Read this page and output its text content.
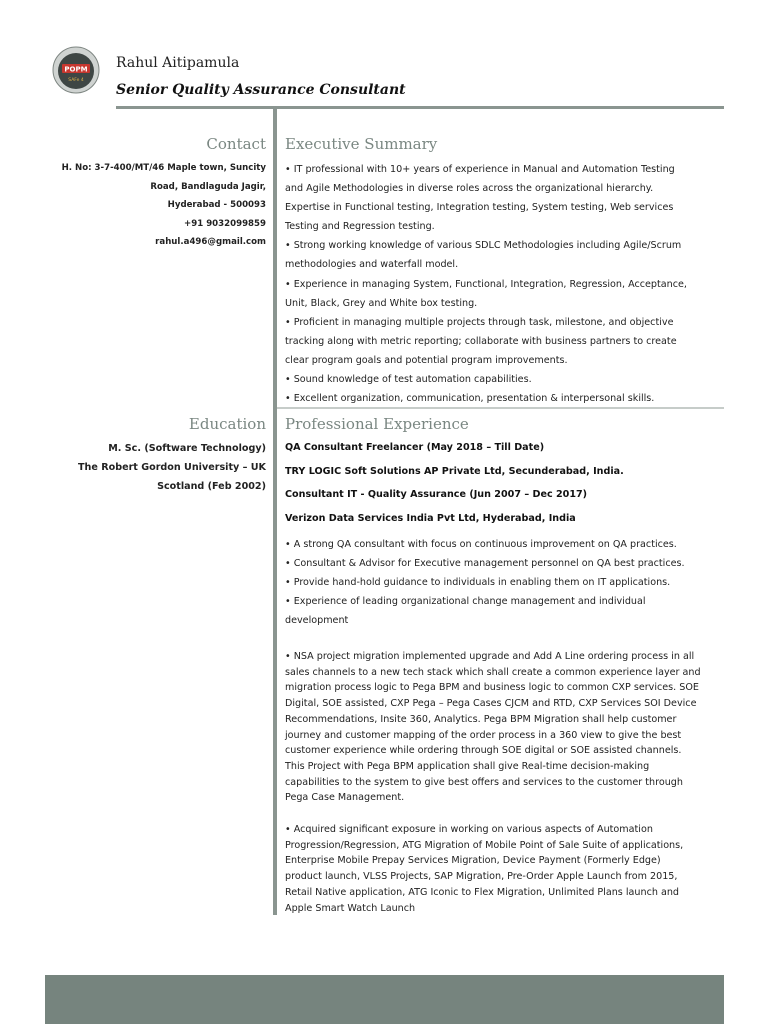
POPM
SAFe 4
Rahul Aitipamula
Senior Quality Assurance Consultant
Contact
H. No: 3-7-400/MT/46 Maple town, Suncity
Road, Bandlaguda Jagir,
Hyderabad - 500093
+91 9032099859
rahul.a496@gmail.com
Executive Summary
• IT professional with 10+ years of experience in Manual and Automation Testing
and Agile Methodologies in diverse roles across the organizational hierarchy.
Expertise in Functional testing, Integration testing, System testing, Web services
Testing and Regression testing.
• Strong working knowledge of various SDLC Methodologies including Agile/Scrum
methodologies and waterfall model.
• Experience in managing System, Functional, Integration, Regression, Acceptance,
Unit, Black, Grey and White box testing.
• Proficient in managing multiple projects through task, milestone, and objective
tracking along with metric reporting; collaborate with business partners to create
clear program goals and potential program improvements.
• Sound knowledge of test automation capabilities.
• Excellent organization, communication, presentation & interpersonal skills.
Education
M. Sc. (Software Technology)
The Robert Gordon University – UK
Scotland (Feb 2002)
Professional Experience
QA Consultant Freelancer (May 2018 – Till Date)
TRY LOGIC Soft Solutions AP Private Ltd, Secunderabad, India.
Consultant IT - Quality Assurance (Jun 2007 – Dec 2017)
Verizon Data Services India Pvt Ltd, Hyderabad, India
• A strong QA consultant with focus on continuous improvement on QA practices.
• Consultant & Advisor for Executive management personnel on QA best practices.
• Provide hand-hold guidance to individuals in enabling them on IT applications.
• Experience of leading organizational change management and individual
development
• NSA project migration implemented upgrade and Add A Line ordering process in all
sales channels to a new tech stack which shall create a common experience layer and
migration process logic to Pega BPM and business logic to common CXP services. SOE
Digital, SOE assisted, CXP Pega – Pega Cases CJCM and RTD, CXP Services SOI Device
Recommendations, Insite 360, Analytics. Pega BPM Migration shall help customer
journey and customer mapping of the order process in a 360 view to give the best
customer experience while ordering through SOE digital or SOE assisted channels.
This Project with Pega BPM application shall give Real-time decision-making
capabilities to the system to give best offers and services to the customer through
Pega Case Management.
• Acquired significant exposure in working on various aspects of Automation
Progression/Regression, ATG Migration of Mobile Point of Sale Suite of applications,
Enterprise Mobile Prepay Services Migration, Device Payment (Formerly Edge)
product launch, VLSS Projects, SAP Migration, Pre-Order Apple Launch from 2015,
Retail Native application, ATG Iconic to Flex Migration, Unlimited Plans launch and
Apple Smart Watch Launch
